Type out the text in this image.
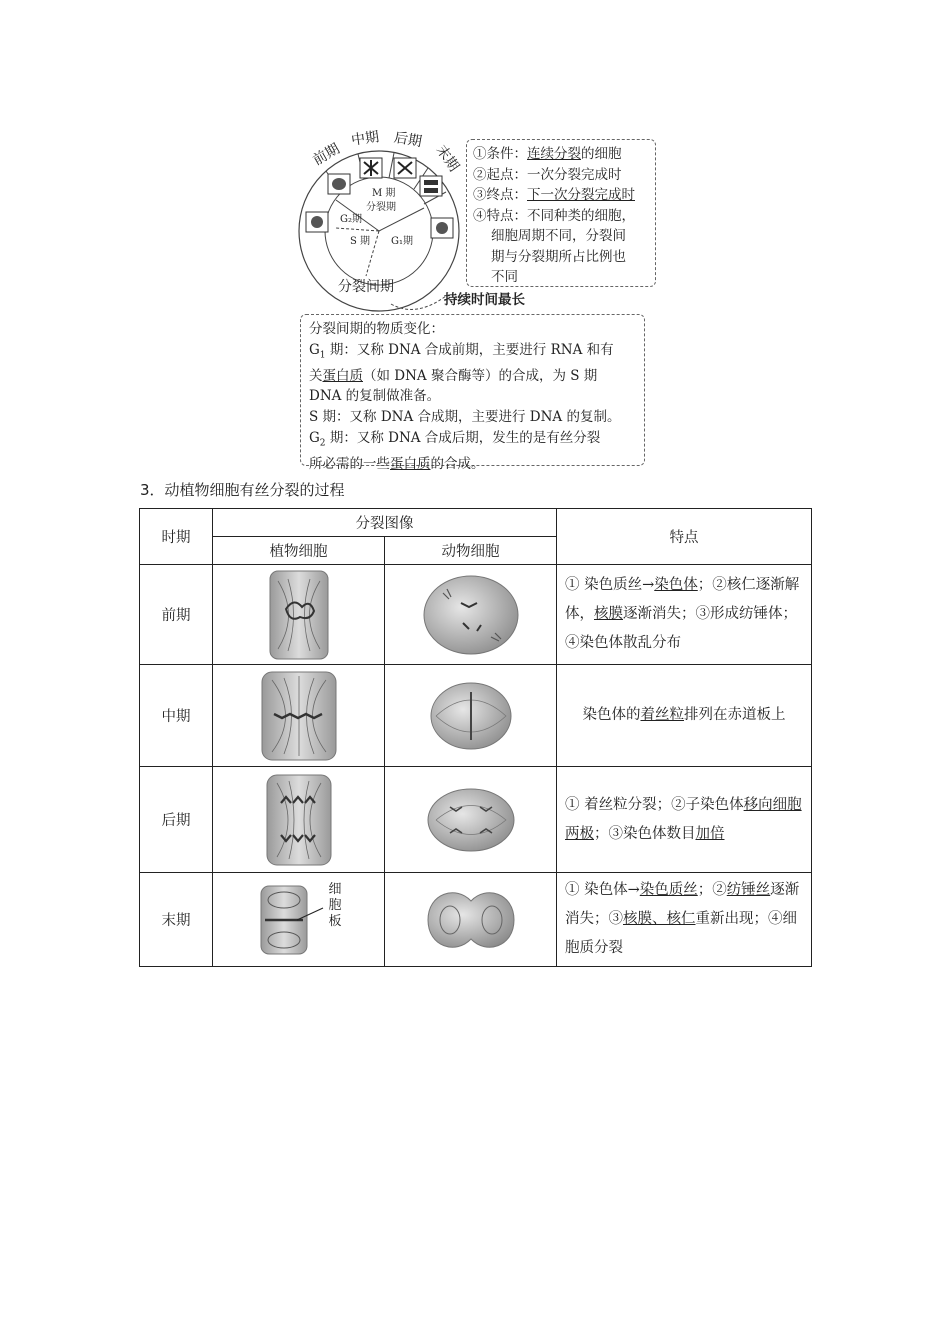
前期
中期 后期
末期
M 期
分裂期
G₂期
S 期 G₁期
分裂间期
①条件：连续分裂的细胞
②起点：一次分裂完成时
③终点：下一次分裂完成时
④特点：不同种类的细胞，
细胞周期不同，分裂间
期与分裂期所占比例也
不同
持续时间最长
分裂间期的物质变化：
$G_1$ 期：又称 DNA 合成前期，主要进行 RNA 和有
关蛋白质（如 DNA 聚合酶等）的合成，为 S 期
DNA 的复制做准备。
S 期：又称 DNA 合成期，主要进行 DNA 的复制。
$G_2$ 期：又称 DNA 合成后期，发生的是有丝分裂
所必需的一些蛋白质的合成。
3．动植物细胞有丝分裂的过程
时期	分裂图像		特点
	植物细胞	动物细胞	
前期			① 染色质丝→染色体；②核仁逐渐解体，核膜逐渐消失；③形成纺锤体；④染色体散乱分布
中期			染色体的着丝粒排列在赤道板上
后期			① 着丝粒分裂；②子染色体移向细胞两极；③染色体数目加倍
末期	细胞板		① 染色体→染色质丝；②纺锤丝逐渐消失；③核膜、核仁重新出现；④细胞质分裂
